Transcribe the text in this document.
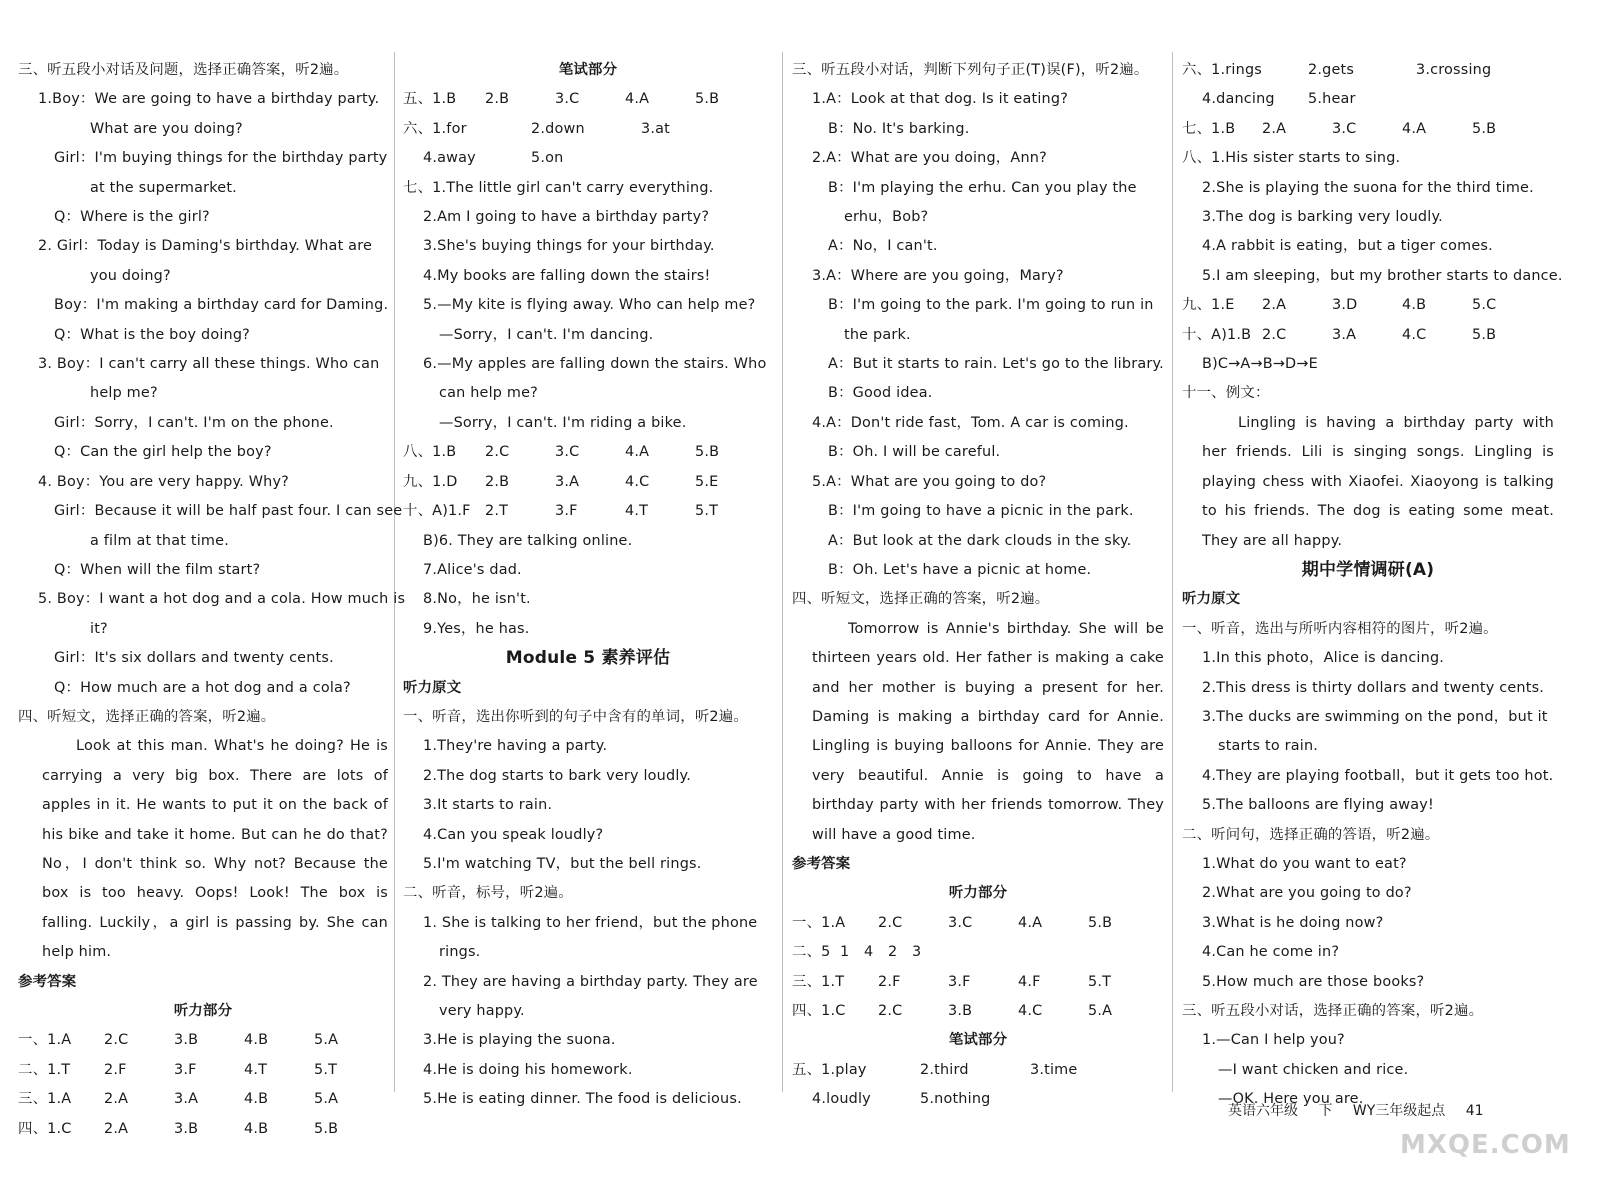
三、听五段小对话及问题，选择正确答案，听2遍。
1.Boy：We are going to have a birthday party.
What are you doing?
Girl：I'm buying things for the birthday party
at the supermarket.
Q：Where is the girl?
2. Girl：Today is Daming's birthday. What are
you doing?
Boy：I'm making a birthday card for Daming.
Q：What is the boy doing?
3. Boy：I can't carry all these things. Who can
help me?
Girl：Sorry，I can't. I'm on the phone.
Q：Can the girl help the boy?
4. Boy：You are very happy. Why?
Girl：Because it will be half past four. I can see
a film at that time.
Q：When will the film start?
5. Boy：I want a hot dog and a cola. How much is
it?
Girl：It's six dollars and twenty cents.
Q：How much are a hot dog and a cola?
四、听短文，选择正确的答案，听2遍。
Look at this man. What's he doing? He is carrying a very big box. There are lots of apples in it. He wants to put it on the back of his bike and take it home. But can he do that? No，I don't think so. Why not? Because the box is too heavy. Oops! Look! The box is falling. Luckily，a girl is passing by. She can help him.
参考答案
听力部分
一、1.A	2.C	3.B	4.B	5.A
二、1.T	2.F	3.F	4.T	5.T
三、1.A	2.A	3.A	4.B	5.A
四、1.C	2.A	3.B	4.B	5.B
笔试部分
五、1.B	2.B	3.C	4.A	5.B
六、1.for	2.down	3.at
4.away	5.on
七、1.The little girl can't carry everything.
2.Am I going to have a birthday party?
3.She's buying things for your birthday.
4.My books are falling down the stairs!
5.—My kite is flying away. Who can help me?
—Sorry，I can't. I'm dancing.
6.—My apples are falling down the stairs. Who
can help me?
—Sorry，I can't. I'm riding a bike.
八、1.B	2.C	3.C	4.A	5.B
九、1.D	2.B	3.A	4.C	5.E
十、A)1.F 2.T	3.F	4.T	5.T
B)6. They are talking online.
7.Alice's dad.
8.No，he isn't.
9.Yes，he has.
Module 5 素养评估
听力原文
一、听音，选出你听到的句子中含有的单词，听2遍。
1.They're having a party.
2.The dog starts to bark very loudly.
3.It starts to rain.
4.Can you speak loudly?
5.I'm watching TV，but the bell rings.
二、听音，标号，听2遍。
1. She is talking to her friend，but the phone
rings.
2. They are having a birthday party. They are
very happy.
3.He is playing the suona.
4.He is doing his homework.
5.He is eating dinner. The food is delicious.
三、听五段小对话，判断下列句子正(T)误(F)，听2遍。
1.A：Look at that dog. Is it eating?
B：No. It's barking.
2.A：What are you doing，Ann?
B：I'm playing the erhu. Can you play the
erhu，Bob?
A：No，I can't.
3.A：Where are you going，Mary?
B：I'm going to the park. I'm going to run in
the park.
A：But it starts to rain. Let's go to the library.
B：Good idea.
4.A：Don't ride fast，Tom. A car is coming.
B：Oh. I will be careful.
5.A：What are you going to do?
B：I'm going to have a picnic in the park.
A：But look at the dark clouds in the sky.
B：Oh. Let's have a picnic at home.
四、听短文，选择正确的答案，听2遍。
Tomorrow is Annie's birthday. She will be thirteen years old. Her father is making a cake and her mother is buying a present for her. Daming is making a birthday card for Annie. Lingling is buying balloons for Annie. They are very beautiful. Annie is going to have a birthday party with her friends tomorrow. They will have a good time.
参考答案
听力部分
一、1.A	2.C	3.C	4.A	5.B
二、5 1	4	2	3
三、1.T	2.F	3.F	4.F	5.T
四、1.C	2.C	3.B	4.C	5.A
笔试部分
五、1.play	2.third	3.time
4.loudly	5.nothing
六、1.rings	2.gets	3.crossing
4.dancing	5.hear
七、1.B	2.A	3.C	4.A	5.B
八、1.His sister starts to sing.
2.She is playing the suona for the third time.
3.The dog is barking very loudly.
4.A rabbit is eating，but a tiger comes.
5.I am sleeping，but my brother starts to dance.
九、1.E	2.A	3.D	4.B	5.C
十、A)1.B 2.C	3.A	4.C	5.B
B)C→A→B→D→E
十一、例文：
Lingling is having a birthday party with her friends. Lili is singing songs. Lingling is playing chess with Xiaofei. Xiaoyong is talking to his friends. The dog is eating some meat. They are all happy.
期中学情调研(A)
听力原文
一、听音，选出与所听内容相符的图片，听2遍。
1.In this photo，Alice is dancing.
2.This dress is thirty dollars and twenty cents.
3.The ducks are swimming on the pond，but it
starts to rain.
4.They are playing football，but it gets too hot.
5.The balloons are flying away!
二、听问句，选择正确的答语，听2遍。
1.What do you want to eat?
2.What are you going to do?
3.What is he doing now?
4.Can he come in?
5.How much are those books?
三、听五段小对话，选择正确的答案，听2遍。
1.—Can I help you?
—I want chicken and rice.
—OK. Here you are.
英语六年级 下 WY三年级起点 41
MXQE.COM
